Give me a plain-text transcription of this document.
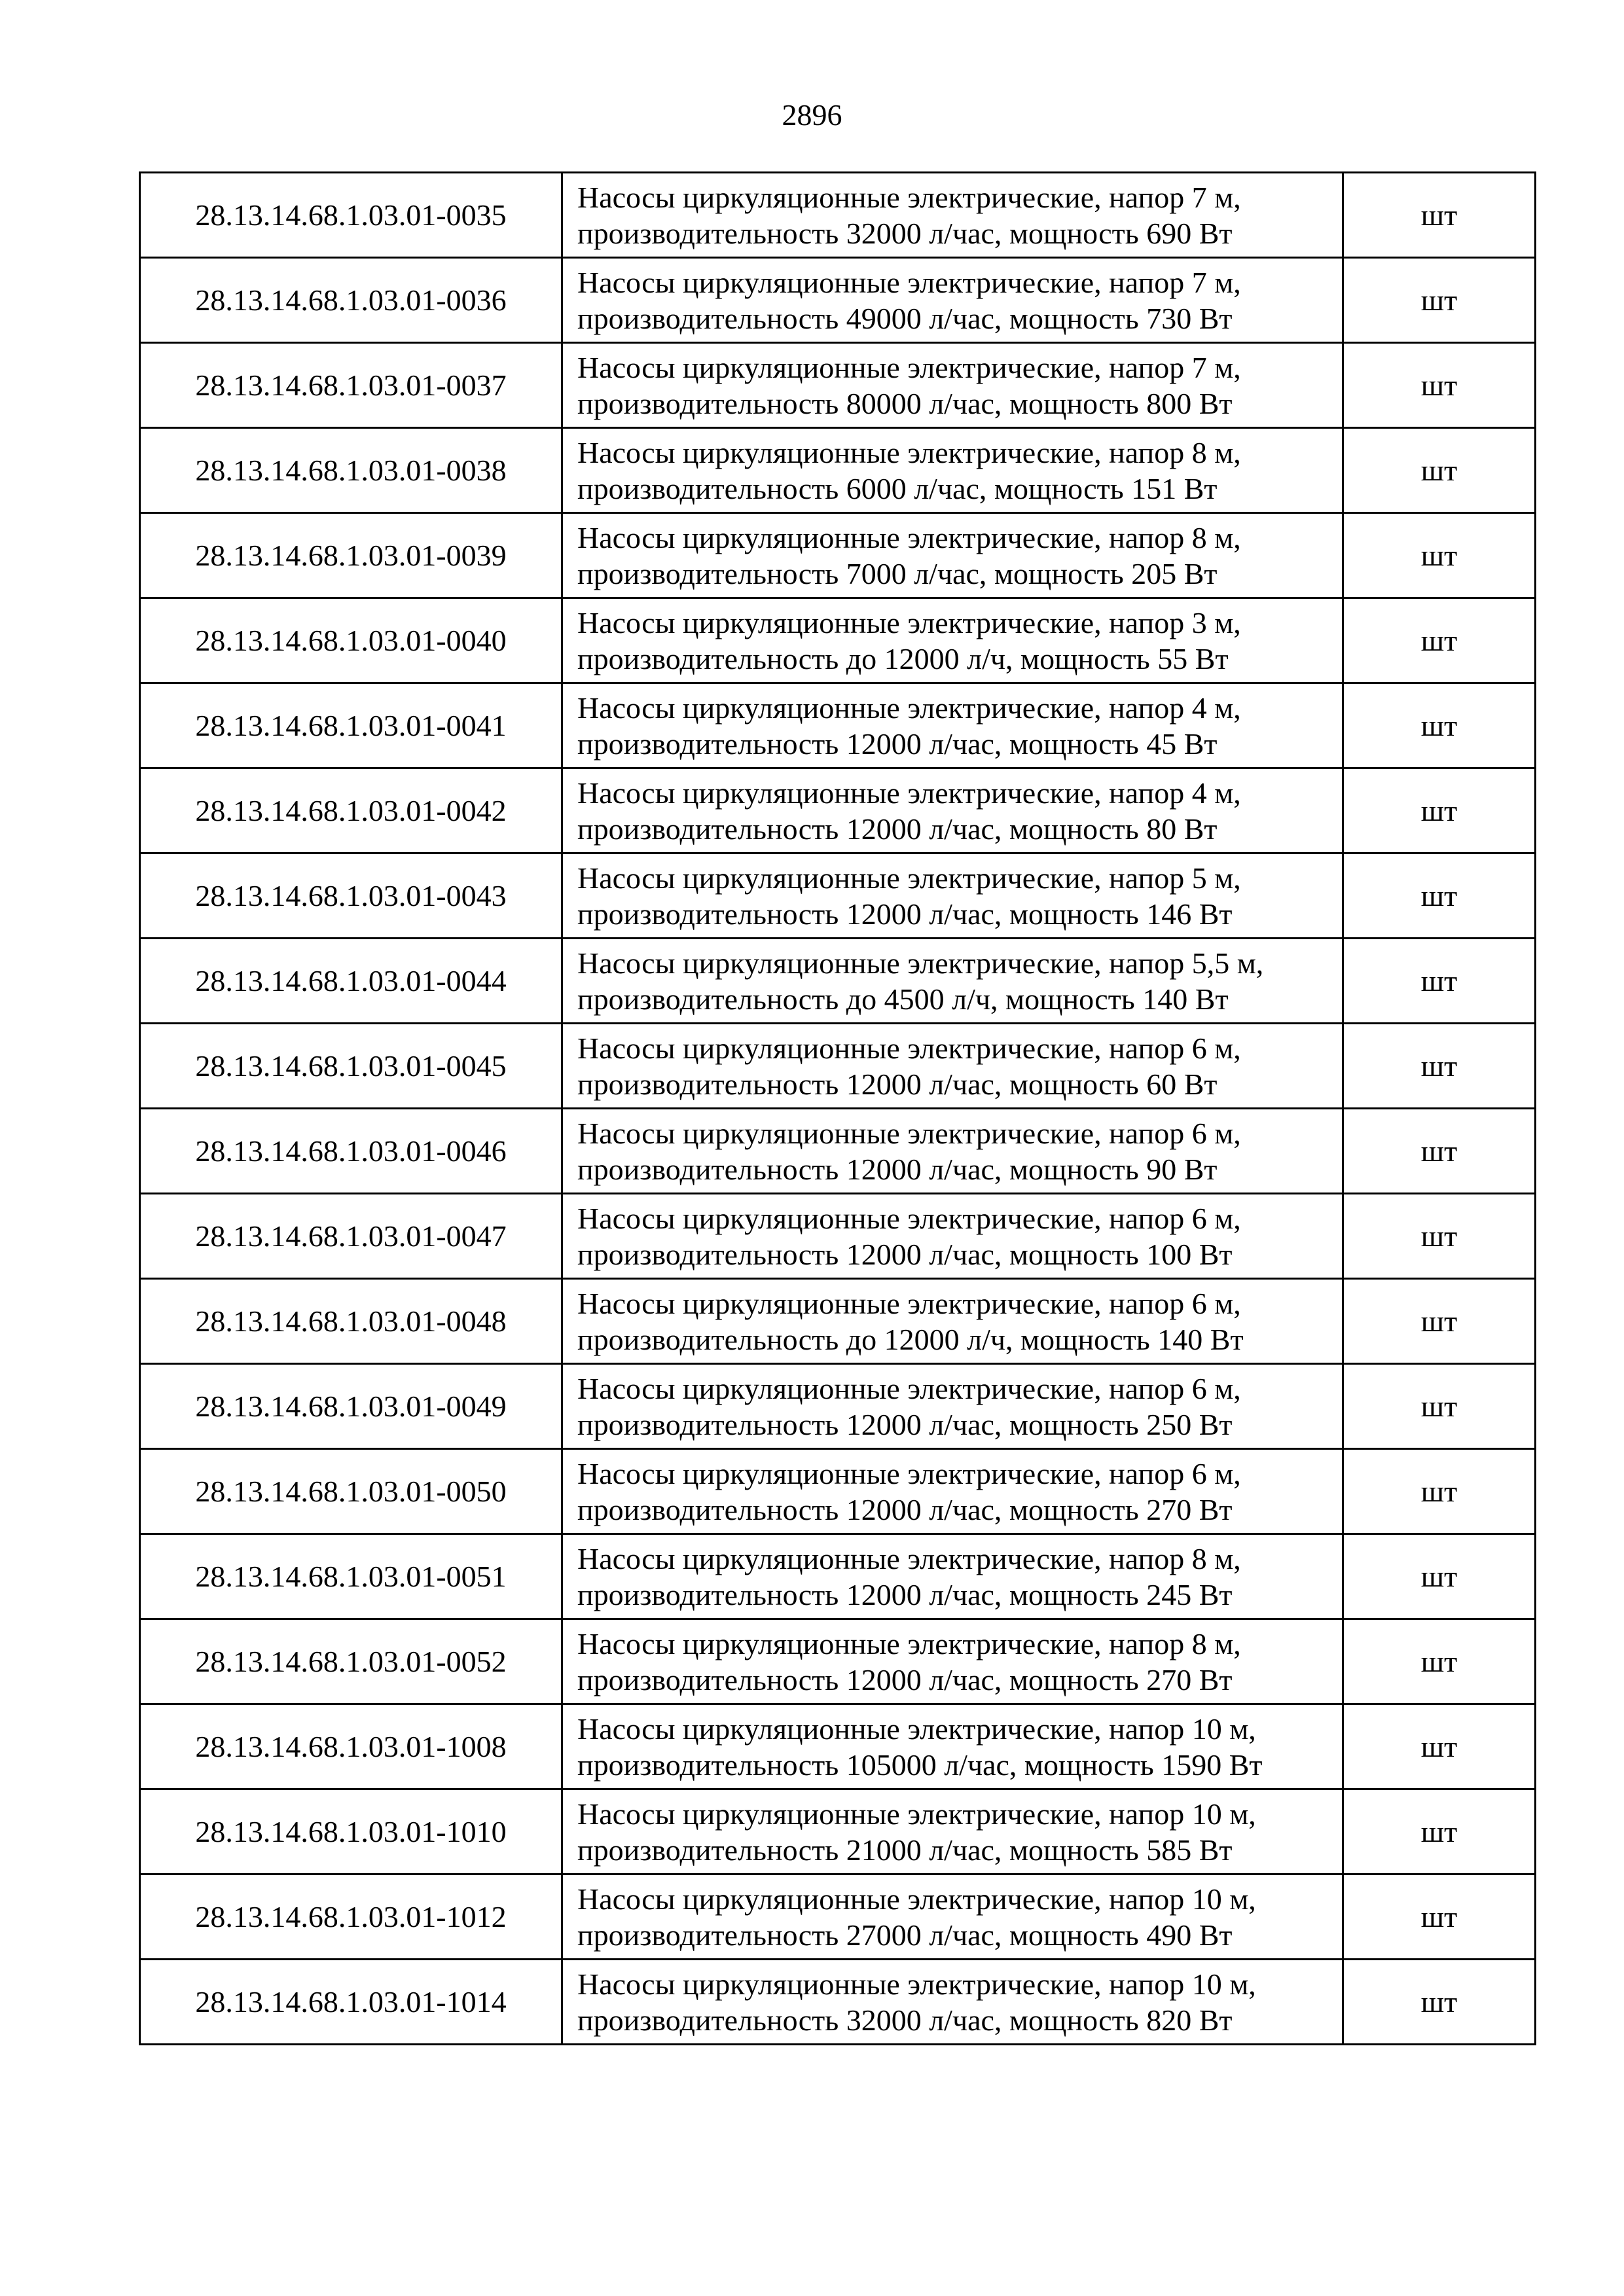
2896
28.13.14.68.1.03.01-0035	Насосы циркуляционные электрические, напор 7 м,
производительность 32000 л/час, мощность 690 Вт	шт
28.13.14.68.1.03.01-0036	Насосы циркуляционные электрические, напор 7 м,
производительность 49000 л/час, мощность 730 Вт	шт
28.13.14.68.1.03.01-0037	Насосы циркуляционные электрические, напор 7 м,
производительность 80000 л/час, мощность 800 Вт	шт
28.13.14.68.1.03.01-0038	Насосы циркуляционные электрические, напор 8 м,
производительность 6000 л/час, мощность 151 Вт	шт
28.13.14.68.1.03.01-0039	Насосы циркуляционные электрические, напор 8 м,
производительность 7000 л/час, мощность 205 Вт	шт
28.13.14.68.1.03.01-0040	Насосы циркуляционные электрические, напор 3 м,
производительность до 12000 л/ч, мощность 55 Вт	шт
28.13.14.68.1.03.01-0041	Насосы циркуляционные электрические, напор 4 м,
производительность 12000 л/час, мощность 45 Вт	шт
28.13.14.68.1.03.01-0042	Насосы циркуляционные электрические, напор 4 м,
производительность 12000 л/час, мощность 80 Вт	шт
28.13.14.68.1.03.01-0043	Насосы циркуляционные электрические, напор 5 м,
производительность 12000 л/час, мощность 146 Вт	шт
28.13.14.68.1.03.01-0044	Насосы циркуляционные электрические, напор 5,5 м,
производительность до 4500 л/ч, мощность 140 Вт	шт
28.13.14.68.1.03.01-0045	Насосы циркуляционные электрические, напор 6 м,
производительность 12000 л/час, мощность 60 Вт	шт
28.13.14.68.1.03.01-0046	Насосы циркуляционные электрические, напор 6 м,
производительность 12000 л/час, мощность 90 Вт	шт
28.13.14.68.1.03.01-0047	Насосы циркуляционные электрические, напор 6 м,
производительность 12000 л/час, мощность 100 Вт	шт
28.13.14.68.1.03.01-0048	Насосы циркуляционные электрические, напор 6 м,
производительность до 12000 л/ч, мощность 140 Вт	шт
28.13.14.68.1.03.01-0049	Насосы циркуляционные электрические, напор 6 м,
производительность 12000 л/час, мощность 250 Вт	шт
28.13.14.68.1.03.01-0050	Насосы циркуляционные электрические, напор 6 м,
производительность 12000 л/час, мощность 270 Вт	шт
28.13.14.68.1.03.01-0051	Насосы циркуляционные электрические, напор 8 м,
производительность 12000 л/час, мощность 245 Вт	шт
28.13.14.68.1.03.01-0052	Насосы циркуляционные электрические, напор 8 м,
производительность 12000 л/час, мощность 270 Вт	шт
28.13.14.68.1.03.01-1008	Насосы циркуляционные электрические, напор 10 м,
производительность 105000 л/час, мощность 1590 Вт	шт
28.13.14.68.1.03.01-1010	Насосы циркуляционные электрические, напор 10 м,
производительность 21000 л/час, мощность 585 Вт	шт
28.13.14.68.1.03.01-1012	Насосы циркуляционные электрические, напор 10 м,
производительность 27000 л/час, мощность 490 Вт	шт
28.13.14.68.1.03.01-1014	Насосы циркуляционные электрические, напор 10 м,
производительность 32000 л/час, мощность 820 Вт	шт
